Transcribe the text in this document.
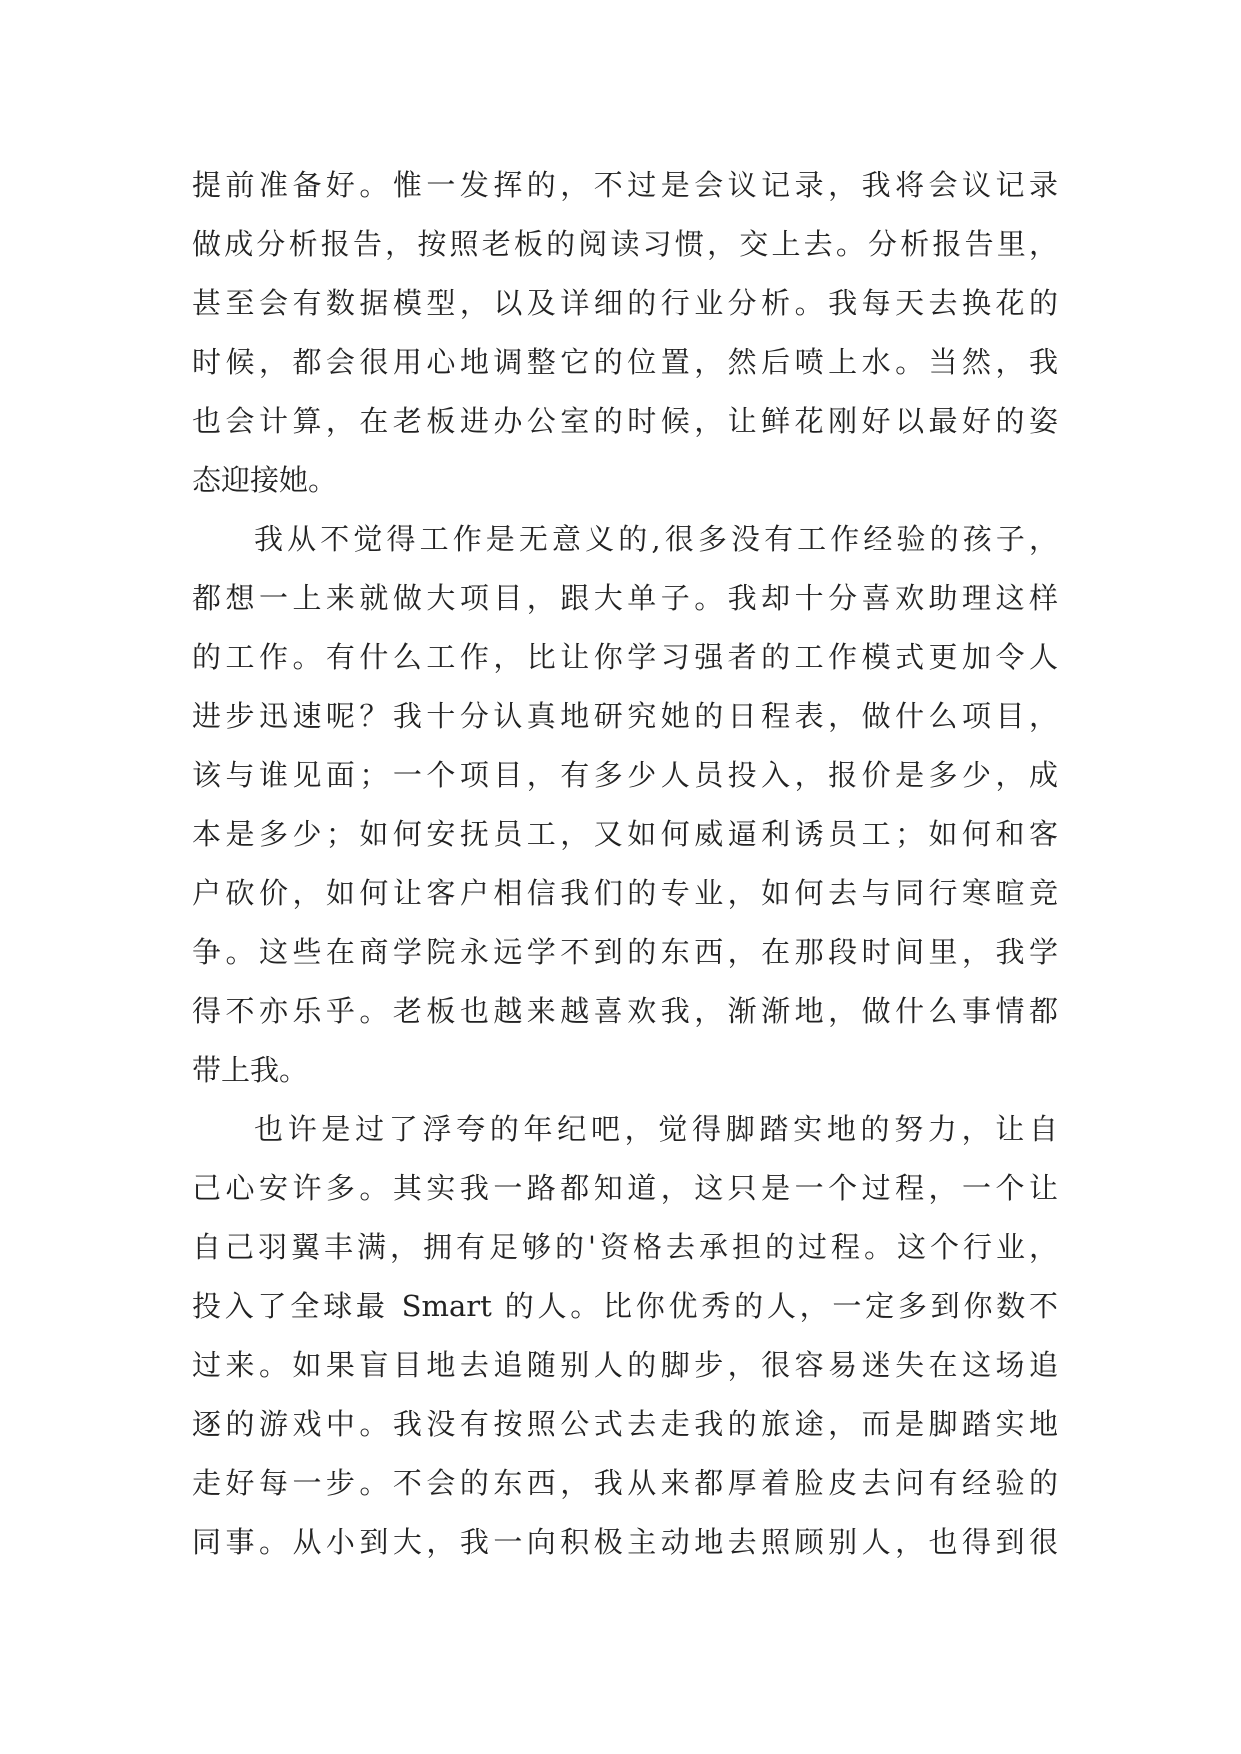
提前准备好。惟一发挥的，不过是会议记录，我将会议记录
做成分析报告，按照老板的阅读习惯，交上去。分析报告里，
甚至会有数据模型，以及详细的行业分析。我每天去换花的
时候，都会很用心地调整它的位置，然后喷上水。当然，我
也会计算，在老板进办公室的时候，让鲜花刚好以最好的姿
态迎接她。
我从不觉得工作是无意义的,很多没有工作经验的孩子，
都想一上来就做大项目，跟大单子。我却十分喜欢助理这样
的工作。有什么工作，比让你学习强者的工作模式更加令人
进步迅速呢？我十分认真地研究她的日程表，做什么项目，
该与谁见面；一个项目，有多少人员投入，报价是多少，成
本是多少；如何安抚员工，又如何威逼利诱员工；如何和客
户砍价，如何让客户相信我们的专业，如何去与同行寒暄竞
争。这些在商学院永远学不到的东西，在那段时间里，我学
得不亦乐乎。老板也越来越喜欢我，渐渐地，做什么事情都
带上我。
也许是过了浮夸的年纪吧，觉得脚踏实地的努力，让自
己心安许多。其实我一路都知道，这只是一个过程，一个让
自己羽翼丰满，拥有足够的'资格去承担的过程。这个行业，
投入了全球最 Smart 的人。比你优秀的人，一定多到你数不
过来。如果盲目地去追随别人的脚步，很容易迷失在这场追
逐的游戏中。我没有按照公式去走我的旅途，而是脚踏实地
走好每一步。不会的东西，我从来都厚着脸皮去问有经验的
同事。从小到大，我一向积极主动地去照顾别人，也得到很
